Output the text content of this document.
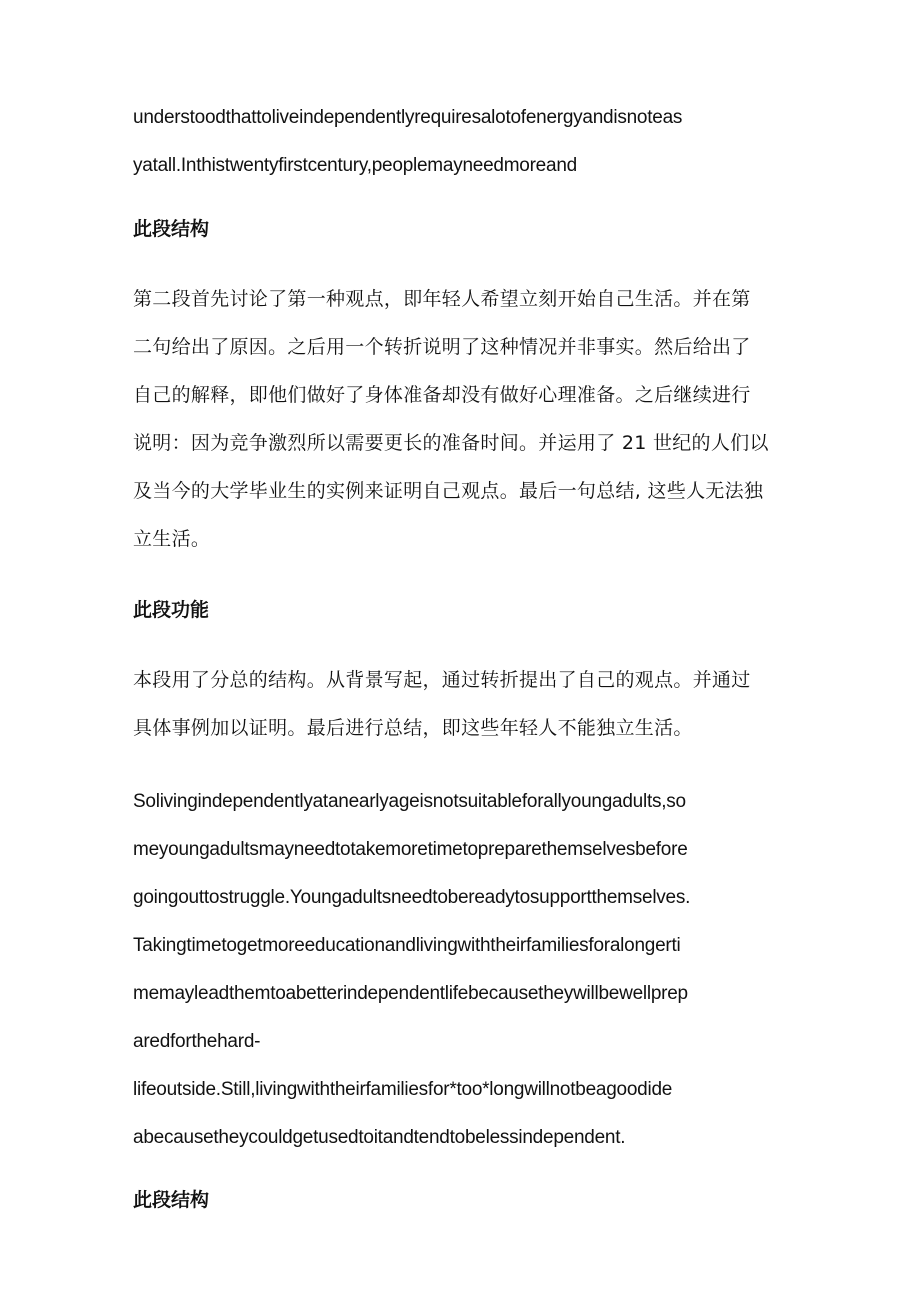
understoodthattoliveindependentlyrequiresalotofenergyandisnoteas
yatall.Inthistwentyfirstcentury,peoplemayneedmoreand
此段结构
第二段首先讨论了第一种观点，即年轻人希望立刻开始自己生活。并在第
二句给出了原因。之后用一个转折说明了这种情况并非事实。然后给出了
自己的解释，即他们做好了身体准备却没有做好心理准备。之后继续进行
说明：因为竞争激烈所以需要更长的准备时间。并运用了 21 世纪的人们以
及当今的大学毕业生的实例来证明自己观点。最后一句总结, 这些人无法独
立生活。
此段功能
本段用了分总的结构。从背景写起，通过转折提出了自己的观点。并通过
具体事例加以证明。最后进行总结，即这些年轻人不能独立生活。
Solivingindependentlyatanearlyageisnotsuitableforallyoungadults,so
meyoungadultsmayneedtotakemoretimetopreparethemselvesbefore
goingouttostruggle.Youngadultsneedtobereadytosupportthemselves.
Takingtimetogetmoreeducationandlivingwiththeirfamiliesforalongerti
memayleadthemtoabetterindependentlifebecausetheywillbewellprep
aredforthehard-
lifeoutside.Still,livingwiththeirfamiliesfor*too*longwillnotbeagoodide
abecausetheycouldgetusedtoitandtendtobelessindependent.
此段结构
